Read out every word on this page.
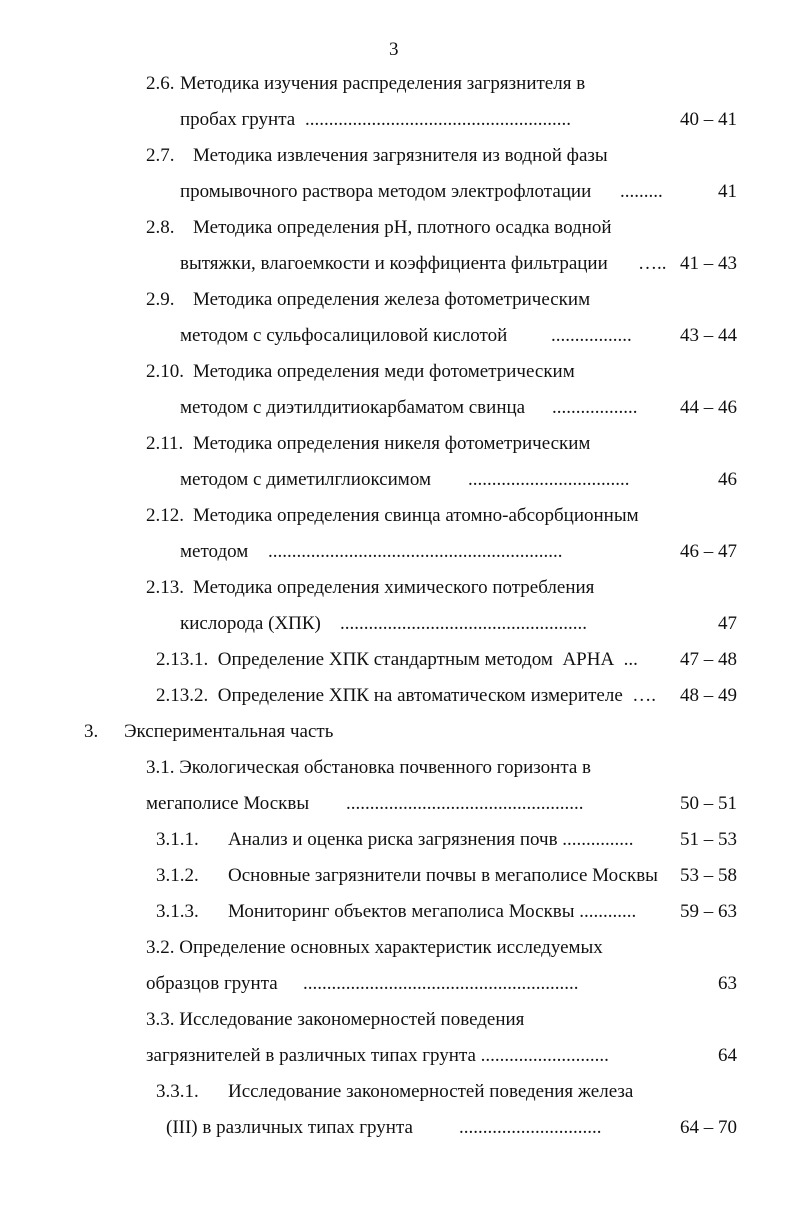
3
2.6. Методика изучения распределения загрязнителя в
пробах грунта ........................................................	40 – 41
2.7. Методика извлечения загрязнителя из водной фазы
промывочного раствора методом электрофлотации .........	41
2.8. Методика определения рН, плотного осадка водной
вытяжки, влагоемкости и коэффициента фильтрации ….. 41 – 43
2.9. Методика определения железа фотометрическим
методом с сульфосалициловой кислотой .................	43 – 44
2.10. Методика определения меди фотометрическим
методом с диэтилдитиокарбаматом свинца .................. 44 – 46
2.11. Методика определения никеля фотометрическим
методом с диметилглиоксимом ..................................	46
2.12. Методика определения свинца атомно-абсорбционным
методом ..............................................................	46 – 47
2.13. Методика определения химического потребления
кислорода (ХПК) ....................................................	47
2.13.1.  Определение ХПК стандартным методом  АРНА  ... 47 – 48
2.13.2.  Определение ХПК на автоматическом измерителе  …. 48 – 49
3. Экспериментальная часть
3.1. Экологическая обстановка почвенного горизонта в
мегаполисе Москвы ..................................................	50 – 51
3.1.1. Анализ и оценка риска загрязнения почв ............... 51 – 53
3.1.2. Основные загрязнители почвы в мегаполисе Москвы 53 – 58
3.1.3. Мониторинг объектов мегаполиса Москвы ............ 59 – 63
3.2. Определение основных характеристик исследуемых
образцов грунта ..........................................................	63
3.3. Исследование закономерностей поведения
загрязнителей в различных типах грунта ...........................	64
3.3.1. Исследование закономерностей поведения железа
(III) в различных типах грунта ..............................	64 – 70
